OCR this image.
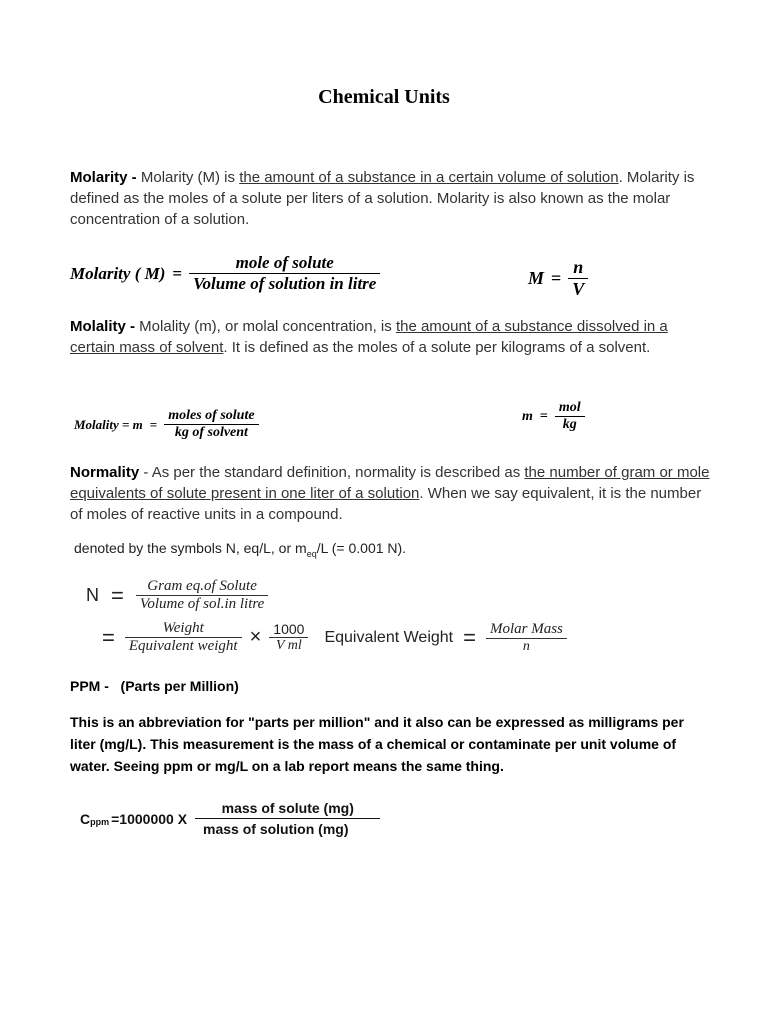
Chemical Units
Molarity - Molarity (M) is the amount of a substance in a certain volume of solution. Molarity is defined as the moles of a solute per liters of a solution. Molarity is also known as the molar concentration of a solution.
Molarity ( $M) = \frac{\text{mole of solute}}{\text{Volume of solution in litre}}$	$M = \frac{n}{V}$
Molality - Molality (m), or molal concentration, is the amount of a substance dissolved in a certain mass of solvent. It is defined as the moles of a solute per kilograms of a solvent.
Molality = $m = \frac{\text{moles of solute}}{\text{kg of solvent}}$	$m = \frac{\text{mol}}{kg}$
Normality - As per the standard definition, normality is described as the number of gram or mole equivalents of solute present in one liter of a solution. When we say equivalent, it is the number of moles of reactive units in a compound.
denoted by the symbols N, eq/L, or $m_{eq}/L$ (= 0.001 N).
$N = \frac{\text{Gram eq.of Solute}}{\text{Volume of sol.in litre}}$
= $\frac{\text{Weight}}{\text{Equivalent weight}} \times \frac{1000}{\text{V ml}}$ Equivalent Weight = $\frac{\text{Molar Mass}}{n}$
PPM -   (Parts per Million)
This is an abbreviation for "parts per million" and it also can be expressed as milligrams per liter (mg/L). This measurement is the mass of a chemical or contaminate per unit volume of water. Seeing ppm or mg/L on a lab report means the same thing.
$C_{ppm} =1000000$ X $\frac{\text{mass of solute (mg)}}{\text{mass of solution (mg)}}$
